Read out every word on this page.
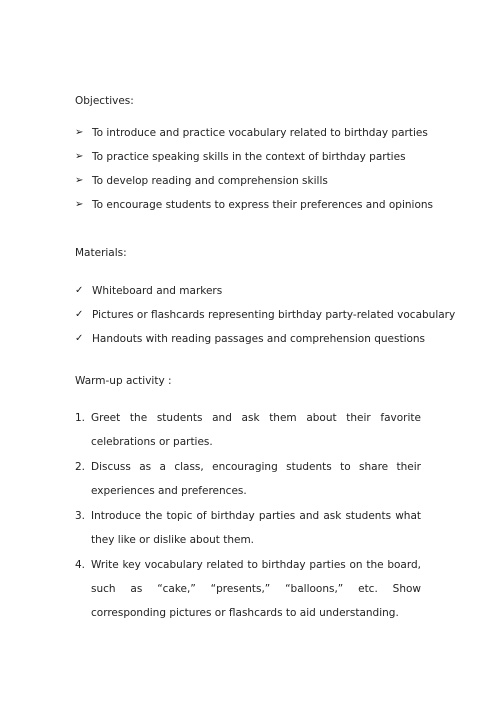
Objectives:
➢ To introduce and practice vocabulary related to birthday parties
➢ To practice speaking skills in the context of birthday parties
➢ To develop reading and comprehension skills
➢ To encourage students to express their preferences and opinions
Materials:
✓ Whiteboard and markers
✓ Pictures or flashcards representing birthday party-related vocabulary
✓ Handouts with reading passages and comprehension questions
Warm-up activity :
1. Greet the students and ask them about their favorite celebrations or parties.
2. Discuss as a class, encouraging students to share their experiences and preferences.
3. Introduce the topic of birthday parties and ask students what they like or dislike about them.
4. Write key vocabulary related to birthday parties on the board, such as “cake,” “presents,” “balloons,” etc. Show corresponding pictures or flashcards to aid understanding.
